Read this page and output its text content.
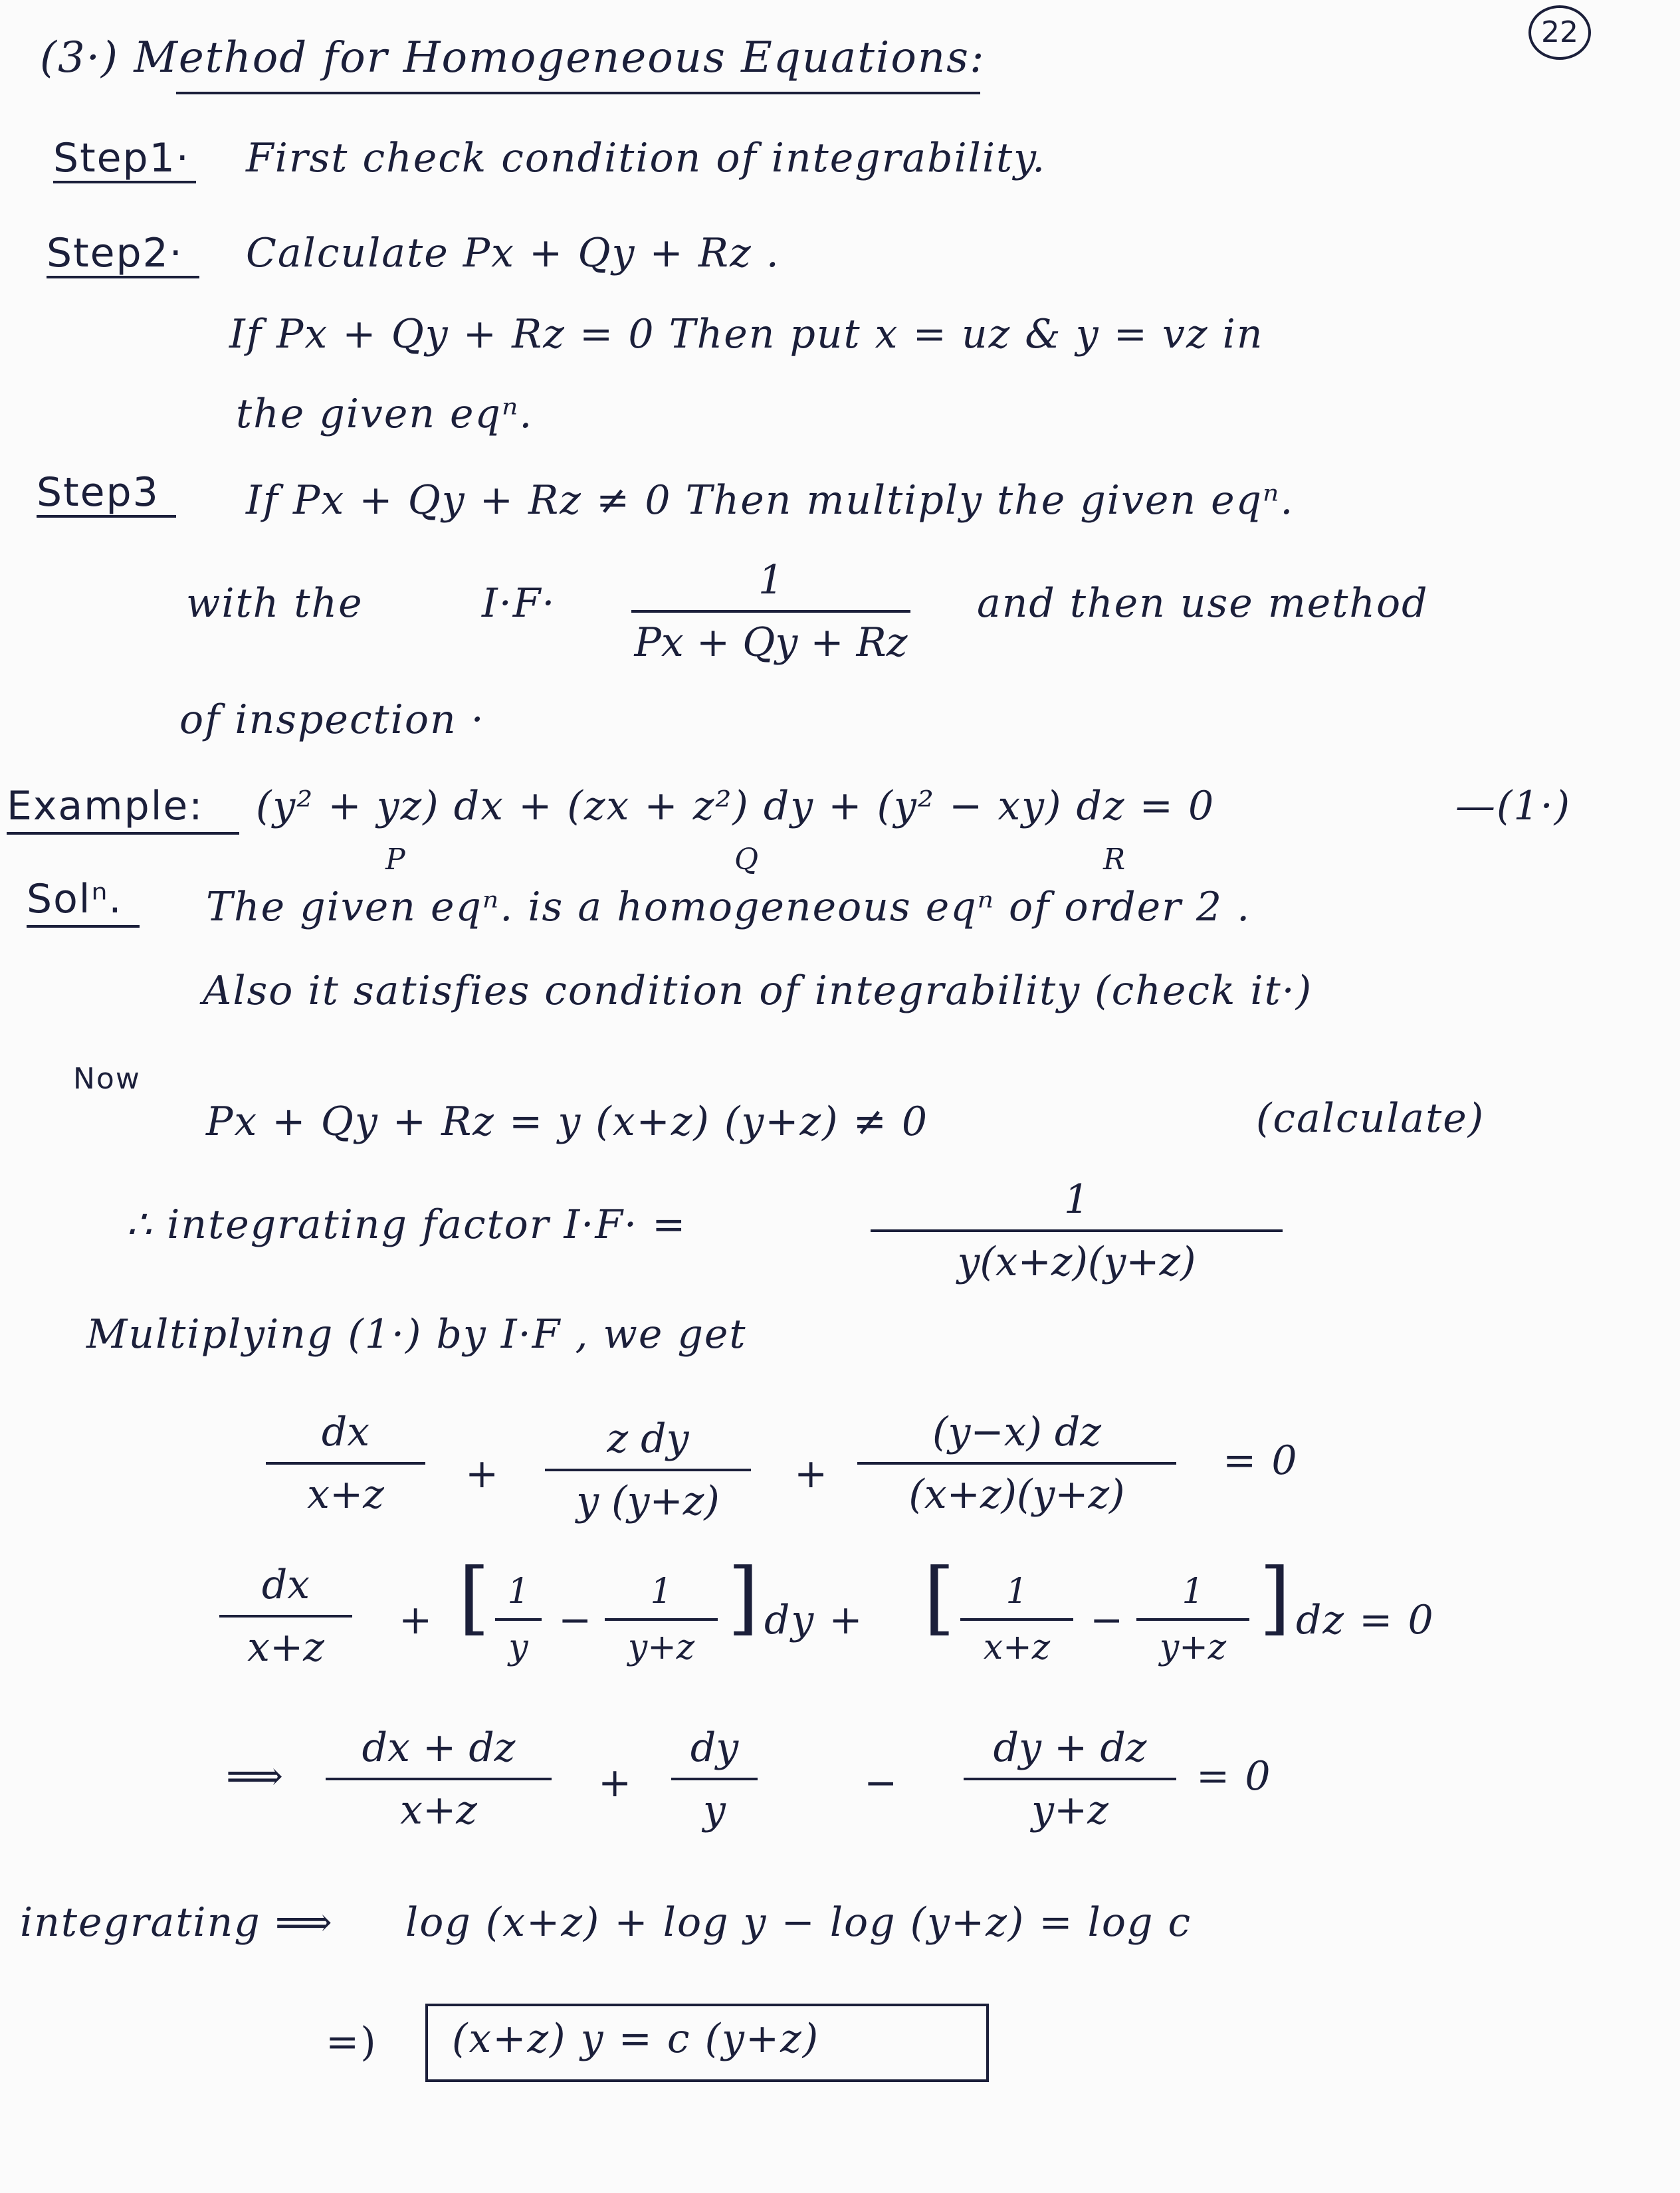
22
(3·) Method for Homogeneous Equations:
Step1· First check condition of integrability.
Step2· Calculate Px + Qy + Rz .
If Px + Qy + Rz = 0 Then put x = uz & y = vz in
the given eqⁿ.
Step3 If Px + Qy + Rz ≠ 0 Then multiply the given eqⁿ.
with the	I·F·	1
Px + Qy + Rz
and then use method
of inspection ·
Example: (y² + yz) dx + (zx + z²) dy + (y² − xy) dz = 0	—(1·)
P	Q	R
Solⁿ. The given eqⁿ. is a homogeneous eqⁿ of order 2 .
Also it satisfies condition of integrability (check it·)
Now
Px + Qy + Rz = y (x+z) (y+z) ≠ 0	(calculate)
∴ integrating factor I·F· =
1
y(x+z)(y+z)
Multiplying (1·) by I·F , we get
dx
x+z	+
z dy
y (y+z)
+
(y−x) dz
(x+z)(y+z)
= 0
dx
x+z
+ [ 1
y
−
1
y+z
] dy + [	1
x+z
−
1
y+z
] dz = 0
⟹
dx + dz
x+z
+
dy
y
−
dy + dz
y+z
= 0
integrating ⟹ log (x+z) + log y − log (y+z) = log c
=) (x+z) y = c (y+z)
